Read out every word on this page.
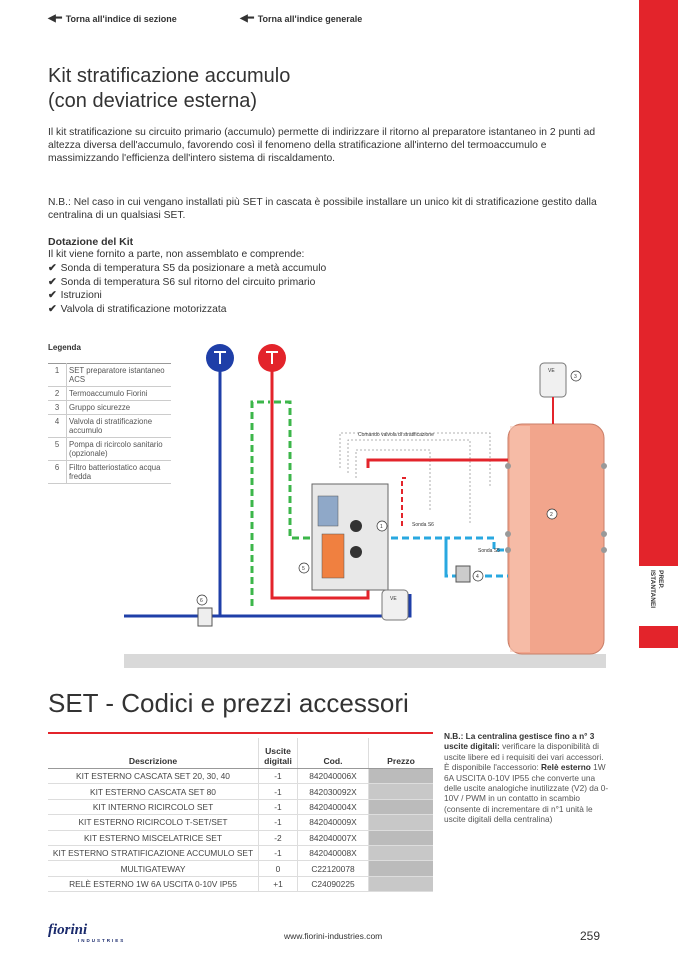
◀━ Torna all'indice di sezione	◀━ Torna all'indice generale
PREP. ISTANTANEI
Kit stratificazione accumulo
(con deviatrice esterna)

Il kit stratificazione su circuito primario (accumulo) permette di indirizzare il ritorno al preparatore istantaneo in 2 punti ad altezza diversa dell'accumulo, favorendo così il fenomeno della stratificazione all'interno del termoaccumulo e massimizzando l'efficienza dell'intero sistema di riscaldamento.

N.B.: Nel caso in cui vengano installati più SET in cascata è possibile installare un unico kit di stratificazione gestito dalla centralina di un qualsiasi SET.

Dotazione del Kit
Il kit viene fornito a parte, non assemblato e comprende:
✔ Sonda di temperatura S5 da posizionare a metà accumulo
✔ Sonda di temperatura S6 sul ritorno del circuito primario
✔ Istruzioni
✔ Valvola di stratificazione motorizzata
Legenda
1	SET preparatore istantaneo ACS
2	Termoaccumulo Fiorini
3	Gruppo sicurezze
4	Valvola di stratificazione accumulo
5	Pompa di ricircolo sanitario (opzionale)
6	Filtro batteriostatico acqua fredda
VE
VE
Comando valvola di stratificazione
Sonda S6
Sonda S5
1
2
3
4
5
6
SET - Codici e prezzi accessori
Descrizione	Uscite digitali	Cod.	Prezzo
KIT ESTERNO CASCATA SET 20, 30, 40	-1	842040006X	
KIT ESTERNO CASCATA SET 80	-1	842030092X	
KIT INTERNO RICIRCOLO SET	-1	842040004X	
KIT ESTERNO RICIRCOLO T-SET/SET	-1	842040009X	
KIT ESTERNO MISCELATRICE SET	-2	842040007X	
KIT ESTERNO STRATIFICAZIONE ACCUMULO SET	-1	842040008X	
MULTIGATEWAY	0	C22120078	
RELÈ ESTERNO 1W 6A USCITA 0-10V IP55	+1	C24090225	
N.B.: La centralina gestisce fino a n° 3 uscite digitali: verificare la disponibilità di uscite libere ed i requisiti dei vari accessori. È disponibile l'accessorio: Relè esterno 1W 6A USCITA 0-10V IP55 che converte una delle uscite analogiche inutilizzate (V2) da 0-10V / PWM in un contatto in scambio (consente di incrementare di n°1 unità le uscite digitali della centralina)
fiorini
INDUSTRIES	www.fiorini-industries.com	259
